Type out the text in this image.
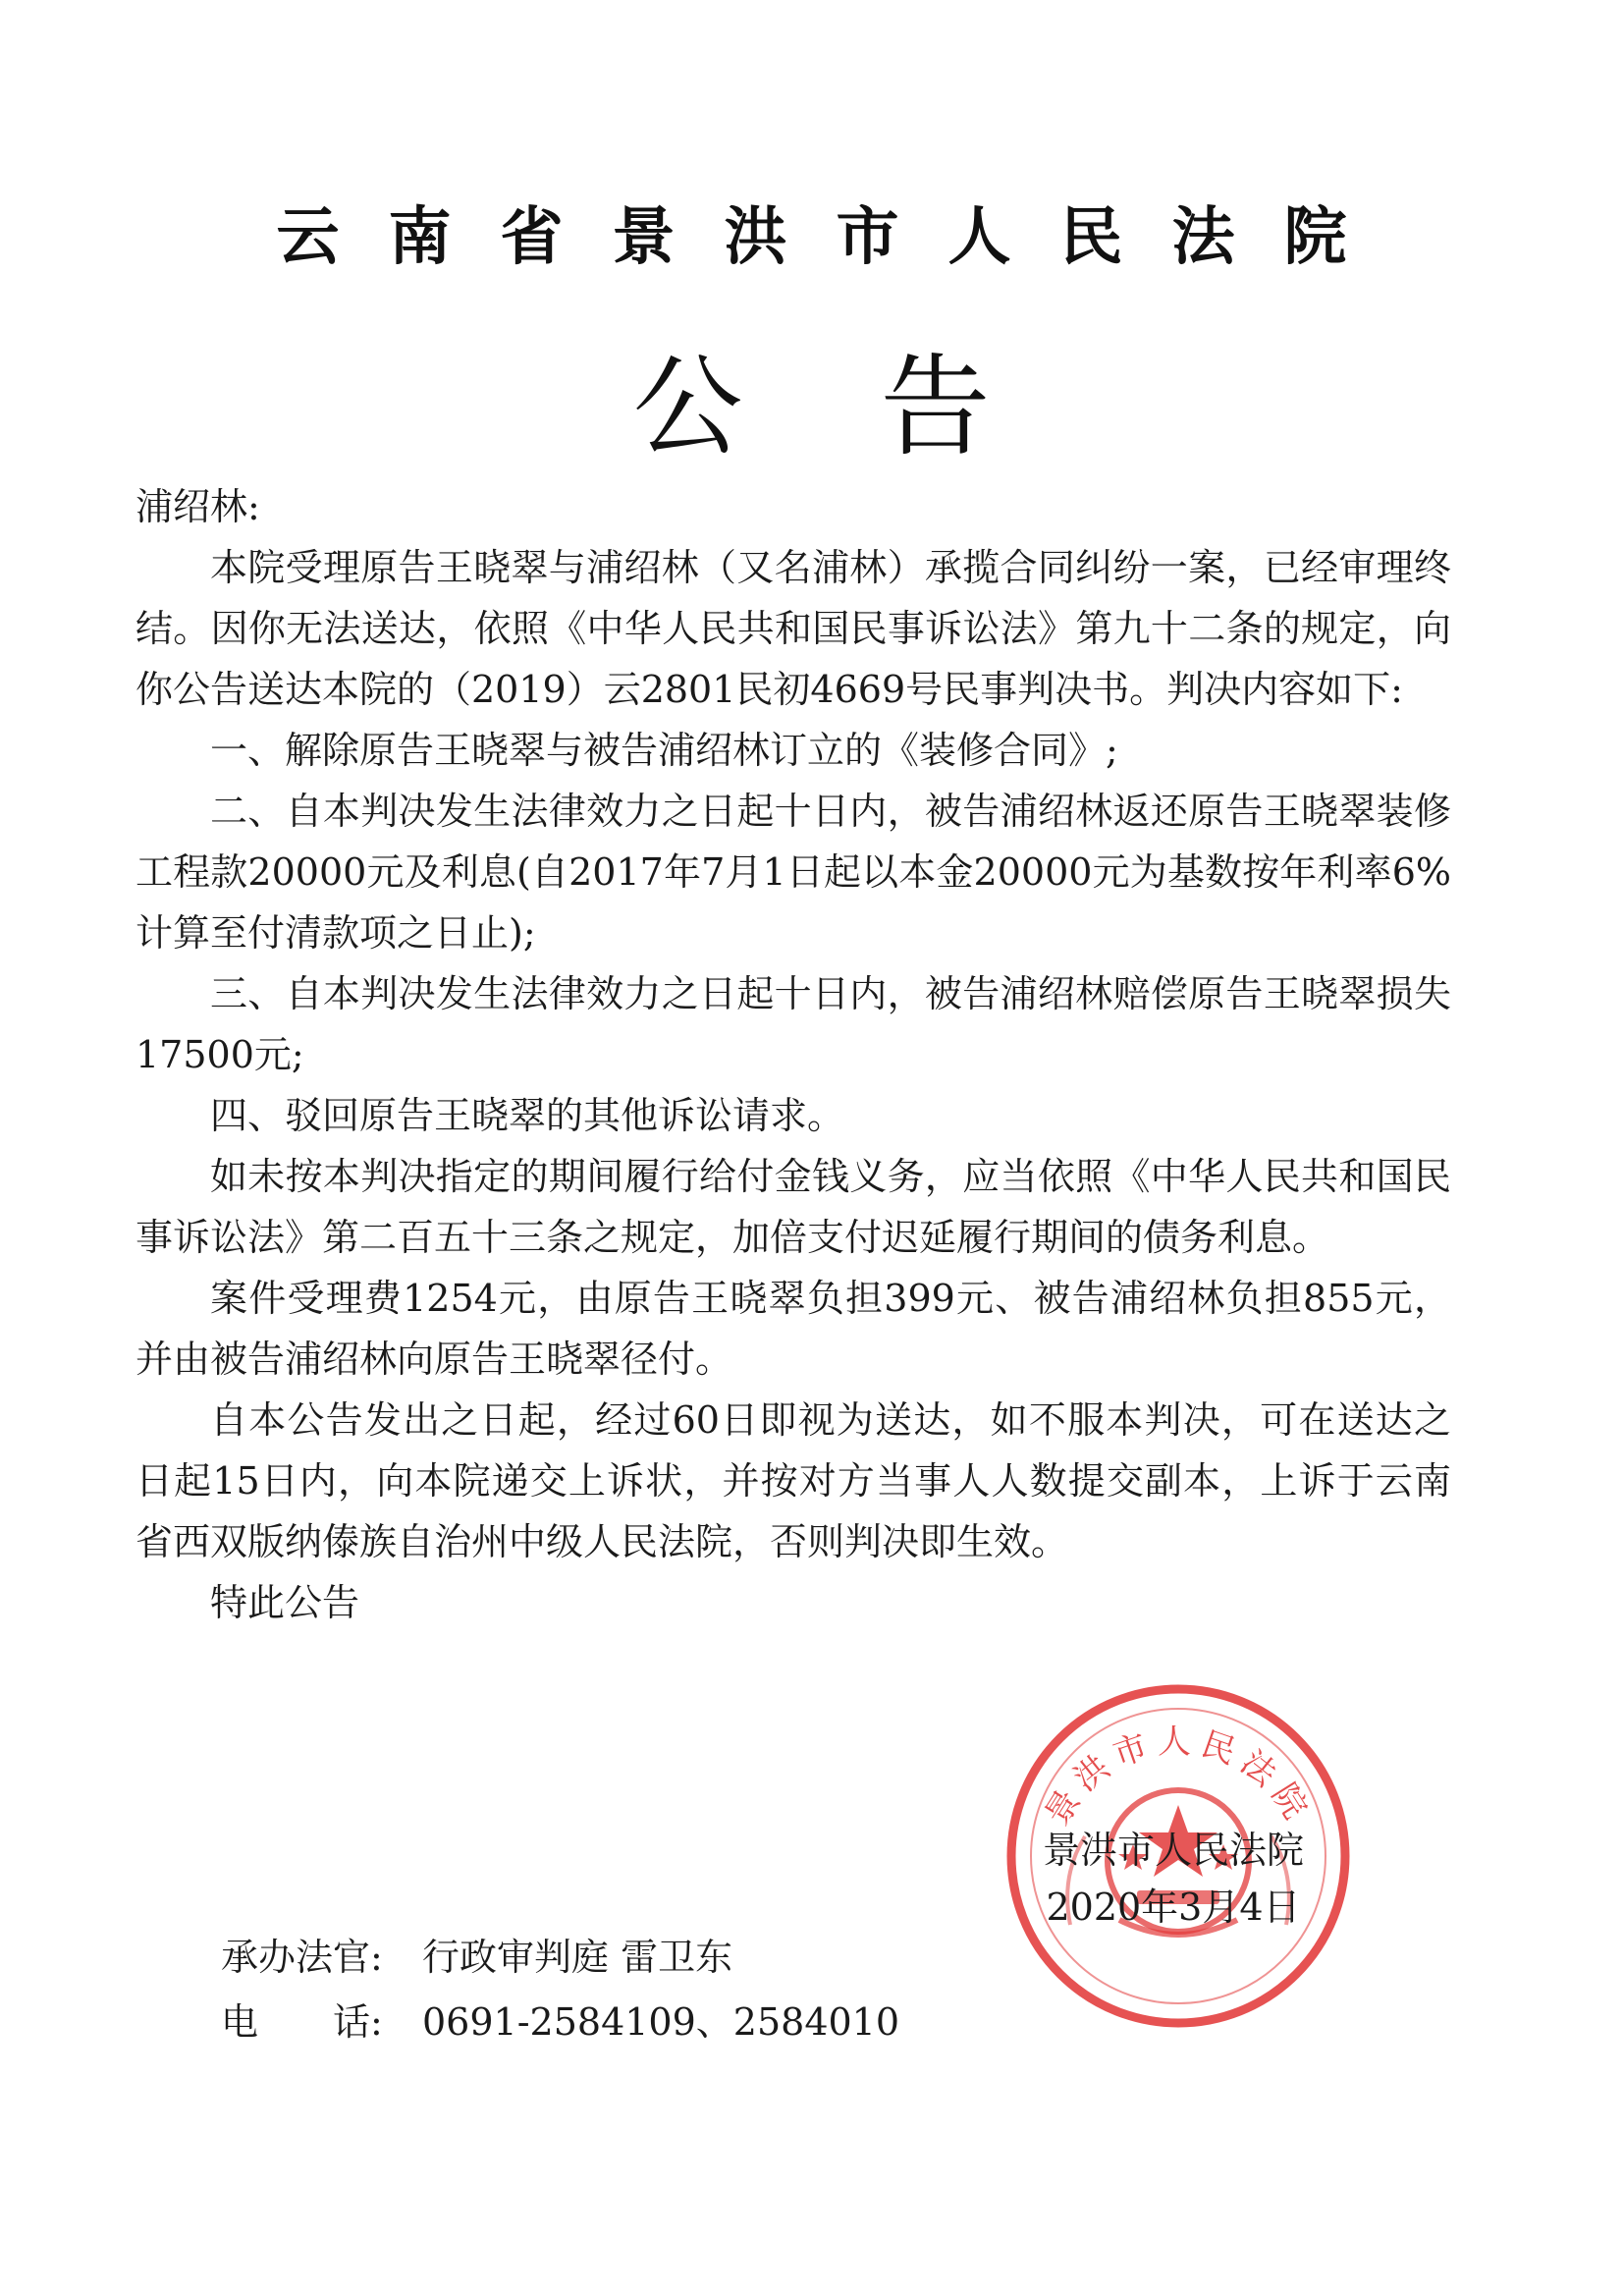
云南省景洪市人民法院
公告

浦绍林:

本院受理原告王晓翠与浦绍林（又名浦林）承揽合同纠纷一案，已经审理终结。因你无法送达，依照《中华人民共和国民事诉讼法》第九十二条的规定，向你公告送达本院的（2019）云2801民初4669号民事判决书。判决内容如下:

一、解除原告王晓翠与被告浦绍林订立的《装修合同》;

二、自本判决发生法律效力之日起十日内，被告浦绍林返还原告王晓翠装修工程款20000元及利息(自2017年7月1日起以本金20000元为基数按年利率6%计算至付清款项之日止);

三、自本判决发生法律效力之日起十日内，被告浦绍林赔偿原告王晓翠损失17500元;

四、驳回原告王晓翠的其他诉讼请求。

如未按本判决指定的期间履行给付金钱义务，应当依照《中华人民共和国民事诉讼法》第二百五十三条之规定，加倍支付迟延履行期间的债务利息。

案件受理费1254元，由原告王晓翠负担399元、被告浦绍林负担855元，并由被告浦绍林向原告王晓翠径付。

自本公告发出之日起，经过60日即视为送达，如不服本判决，可在送达之日起15日内，向本院递交上诉状，并按对方当事人人数提交副本，上诉于云南省西双版纳傣族自治州中级人民法院，否则判决即生效。

特此公告

景洪市人民法院
景洪市人民法院
2020年3月4日
承办法官: 行政审判庭 雷卫东
电　　话: 0691-2584109、2584010
